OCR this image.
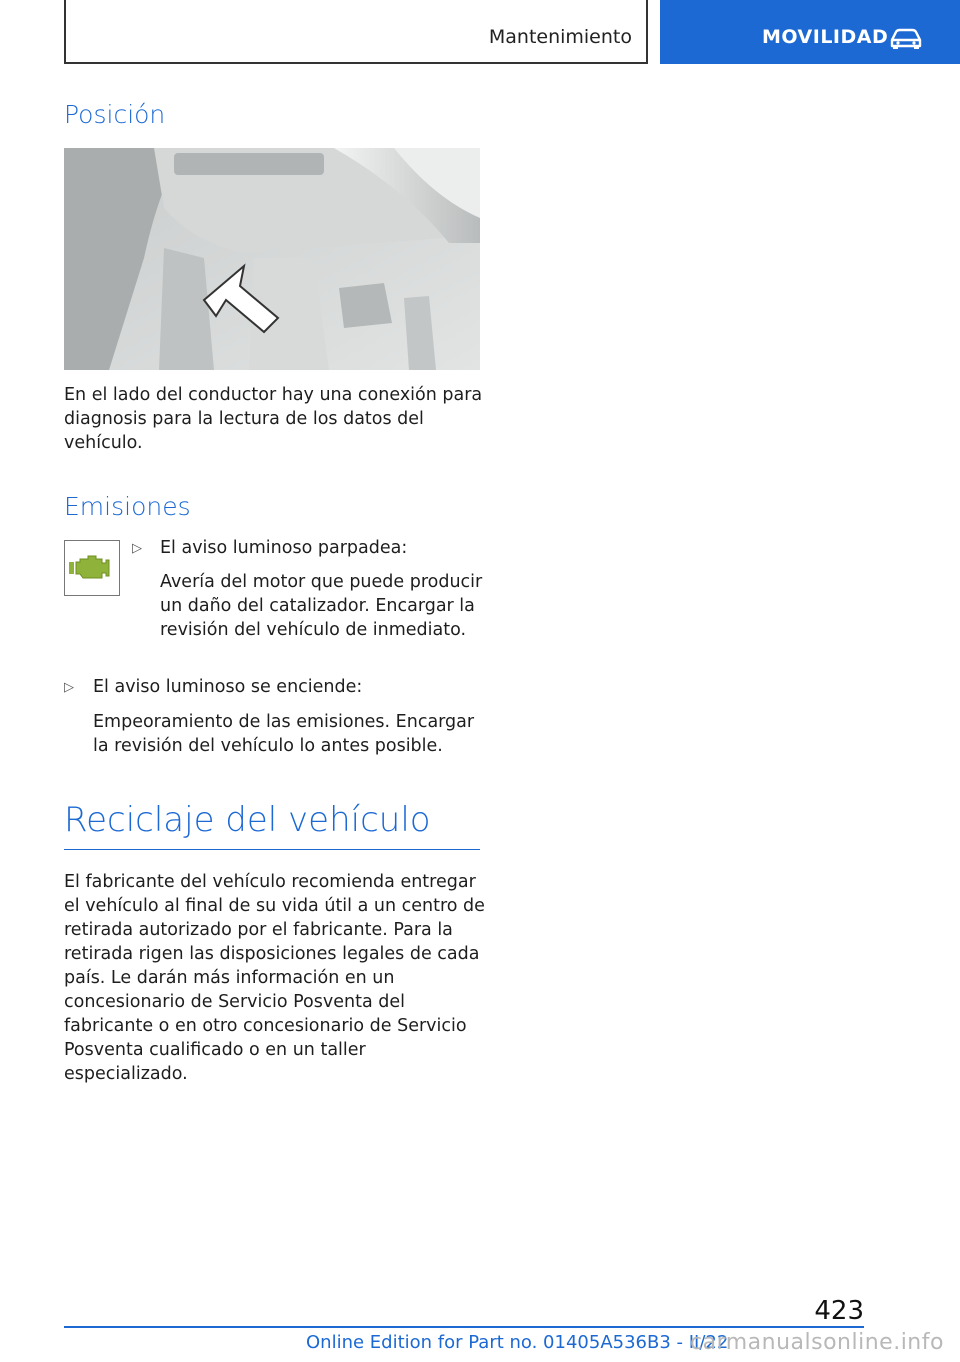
Mantenimiento	MOVILIDAD
Posición

En el lado del conductor hay una conexión para diagnosis para la lectura de los datos del vehículo.

Emisiones
▷ El aviso luminoso parpadea:

Avería del motor que puede producir un daño del catalizador. Encargar la revisión del vehículo de inmediato.

▷ El aviso luminoso se enciende:

Empeoramiento de las emisiones. Encargar la revisión del vehículo lo antes posible.

Reciclaje del vehículo

El fabricante del vehículo recomienda entregar el vehículo al final de su vida útil a un centro de retirada autorizado por el fabricante. Para la retirada rigen las disposiciones legales de cada país. Le darán más información en un concesionario de Servicio Posventa del fabricante o en otro concesionario de Servicio Posventa cualificado o en un taller especializado.

423
Online Edition for Part no. 01405A536B3 - II/22
carmanualsonline.info
